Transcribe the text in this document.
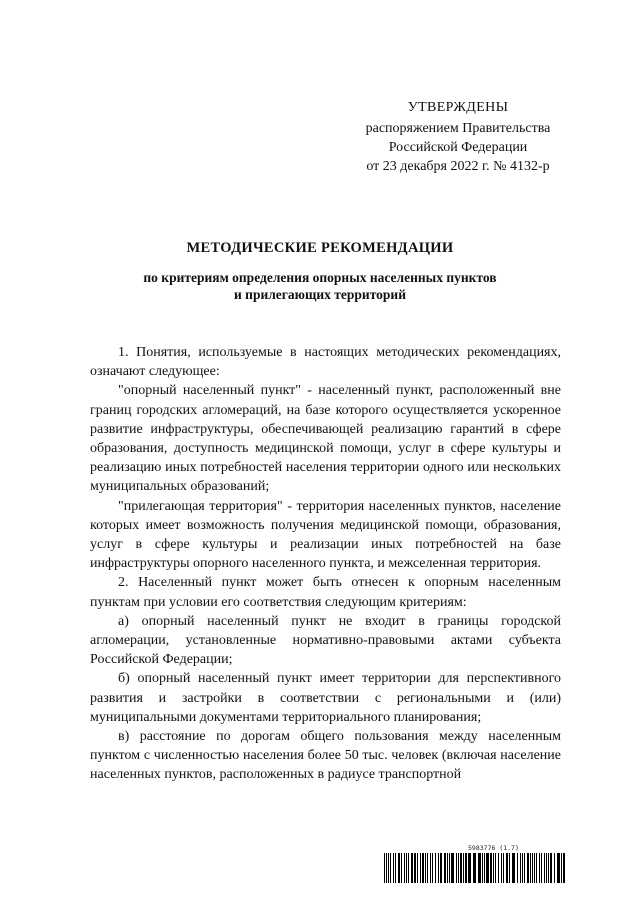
УТВЕРЖДЕНЫ
распоряжением Правительства
Российской Федерации
от 23 декабря 2022 г. № 4132-р
МЕТОДИЧЕСКИЕ РЕКОМЕНДАЦИИ
по критериям определения опорных населенных пунктов
и прилегающих территорий

1. Понятия, используемые в настоящих методических рекомендациях, означают следующее:

"опорный населенный пункт" - населенный пункт, расположенный вне границ городских агломераций, на базе которого осуществляется ускоренное развитие инфраструктуры, обеспечивающей реализацию гарантий в сфере образования, доступность медицинской помощи, услуг в сфере культуры и реализацию иных потребностей населения территории одного или нескольких муниципальных образований;

"прилегающая территория" - территория населенных пунктов, население которых имеет возможность получения медицинской помощи, образования, услуг в сфере культуры и реализации иных потребностей на базе инфраструктуры опорного населенного пункта, и межселенная территория.

2. Населенный пункт может быть отнесен к опорным населенным пунктам при условии его соответствия следующим критериям:

а) опорный населенный пункт не входит в границы городской агломерации, установленные нормативно-правовыми актами субъекта Российской Федерации;

б) опорный населенный пункт имеет территории для перспективного развития и застройки в соответствии с региональными и (или) муниципальными документами территориального планирования;

в) расстояние по дорогам общего пользования между населенным пунктом с численностью населения более 50 тыс. человек (включая население населенных пунктов, расположенных в радиусе транспортной

5983776 (1.7)
